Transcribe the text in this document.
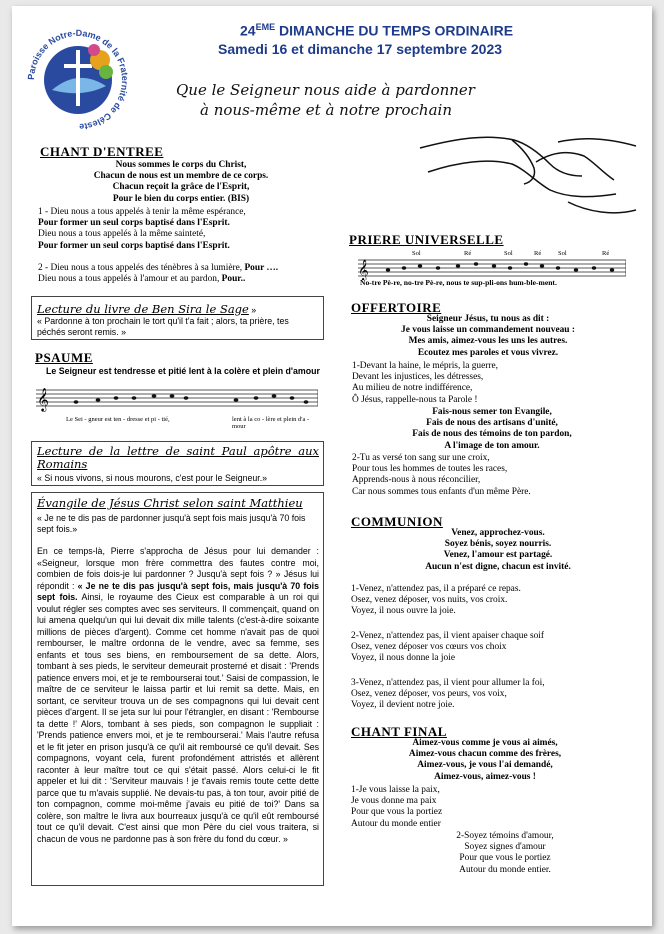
Paroisse Notre-Dame de la Fraternité de Céleste
24EME DIMANCHE DU TEMPS ORDINAIRE
Samedi 16 et dimanche 17 septembre 2023
Que le Seigneur nous aide à pardonner
à nous-même et à notre prochain
CHANT D'ENTREE
Nous sommes le corps du Christ,
Chacun de nous est un membre de ce corps.
Chacun reçoit la grâce de l'Esprit,
Pour le bien du corps entier. (BIS)
1 - Dieu nous a tous appelés à tenir la même espérance,
Pour former un seul corps baptisé dans l'Esprit.
Dieu nous a tous appelés à la même sainteté,
Pour former un seul corps baptisé dans l'Esprit.
2 - Dieu nous a tous appelés des ténèbres à sa lumière, Pour ….
Dieu nous a tous appelés à l'amour et au pardon, Pour..
Lecture du livre de Ben Sira le Sage »
« Pardonne à ton prochain le tort qu'il t'a fait ; alors, ta prière, tes péchés seront remis. »
PSAUME
Le Seigneur est tendresse et pitié lent à la colère et plein d'amour
𝄞
Le Sei - gneur est ten - dresse et pi - tié,	lent à la co - lère et plein d'a - mour
Lecture de la lettre de saint Paul apôtre aux Romains
« Si nous vivons, si nous mourons, c'est pour le Seigneur.»
Évangile de Jésus Christ selon saint Matthieu
« Je ne te dis pas de pardonner jusqu'à sept fois mais jusqu'à 70 fois sept fois.»
En ce temps-là, Pierre s'approcha de Jésus pour lui demander : «Seigneur, lorsque mon frère commettra des fautes contre moi, combien de fois dois-je lui pardonner ? Jusqu'à sept fois ? » Jésus lui répondit : « Je ne te dis pas jusqu'à sept fois, mais jusqu'à 70 fois sept fois. Ainsi, le royaume des Cieux est comparable à un roi qui voulut régler ses comptes avec ses serviteurs. Il commençait, quand on lui amena quelqu'un qui lui devait dix mille talents (c'est-à-dire soixante millions de pièces d'argent). Comme cet homme n'avait pas de quoi rembourser, le maître ordonna de le vendre, avec sa femme, ses enfants et tous ses biens, en remboursement de sa dette. Alors, tombant à ses pieds, le serviteur demeurait prosterné et disait : 'Prends patience envers moi, et je te rembourserai tout.' Saisi de compassion, le maître de ce serviteur le laissa partir et lui remit sa dette. Mais, en sortant, ce serviteur trouva un de ses compagnons qui lui devait cent pièces d'argent. Il se jeta sur lui pour l'étrangler, en disant : 'Rembourse ta dette !' Alors, tombant à ses pieds, son compagnon le suppliait : 'Prends patience envers moi, et je te rembourserai.' Mais l'autre refusa et le fit jeter en prison jusqu'à ce qu'il ait remboursé ce qu'il devait. Ses compagnons, voyant cela, furent profondément attristés et allèrent raconter à leur maître tout ce qui s'était passé. Alors celui-ci le fit appeler et lui dit : 'Serviteur mauvais ! je t'avais remis toute cette dette parce que tu m'avais supplié. Ne devais-tu pas, à ton tour, avoir pitié de ton compagnon, comme moi-même j'avais eu pitié de toi?' Dans sa colère, son maître le livra aux bourreaux jusqu'à ce qu'il eût remboursé tout ce qu'il devait. C'est ainsi que mon Père du ciel vous traitera, si chacun de vous ne pardonne pas à son frère du fond du cœur. »
PRIERE UNIVERSELLE
𝄞
Sol	Ré	Sol	Ré	Sol	Ré
No-tre Pè-re, no-tre Pè-re, nous te sup-pli-ons hum-ble-ment.
OFFERTOIRE
Seigneur Jésus, tu nous as dit :
Je vous laisse un commandement nouveau :
Mes amis, aimez-vous les uns les autres.
Ecoutez mes paroles et vous vivrez.
1-Devant la haine, le mépris, la guerre,
Devant les injustices, les détresses,
Au milieu de notre indifférence,
Ô Jésus, rappelle-nous ta Parole !
Fais-nous semer ton Evangile,
Fais de nous des artisans d'unité,
Fais de nous des témoins de ton pardon,
A l'image de ton amour.
2-Tu as versé ton sang sur une croix,
Pour tous les hommes de toutes les races,
Apprends-nous à nous réconcilier,
Car nous sommes tous enfants d'un même Père.
COMMUNION
Venez, approchez-vous.
Soyez bénis, soyez nourris.
Venez, l'amour est partagé.
Aucun n'est digne, chacun est invité.
1-Venez, n'attendez pas, il a préparé ce repas.
Osez, venez déposer, vos nuits, vos croix.
Voyez, il nous ouvre la joie.
2-Venez, n'attendez pas, il vient apaiser chaque soif
Osez, venez déposer vos cœurs vos choix
Voyez, il nous donne la joie
3-Venez, n'attendez pas, il vient pour allumer la foi,
Osez, venez déposer, vos peurs, vos voix,
Voyez, il devient notre joie.
CHANT FINAL
Aimez-vous comme je vous ai aimés,
Aimez-vous chacun comme des frères,
Aimez-vous, je vous l'ai demandé,
Aimez-vous, aimez-vous !
1-Je vous laisse la paix,
Je vous donne ma paix
Pour que vous la portiez
Autour du monde entier
2-Soyez témoins d'amour,
Soyez signes d'amour
Pour que vous le portiez
Autour du monde entier.
